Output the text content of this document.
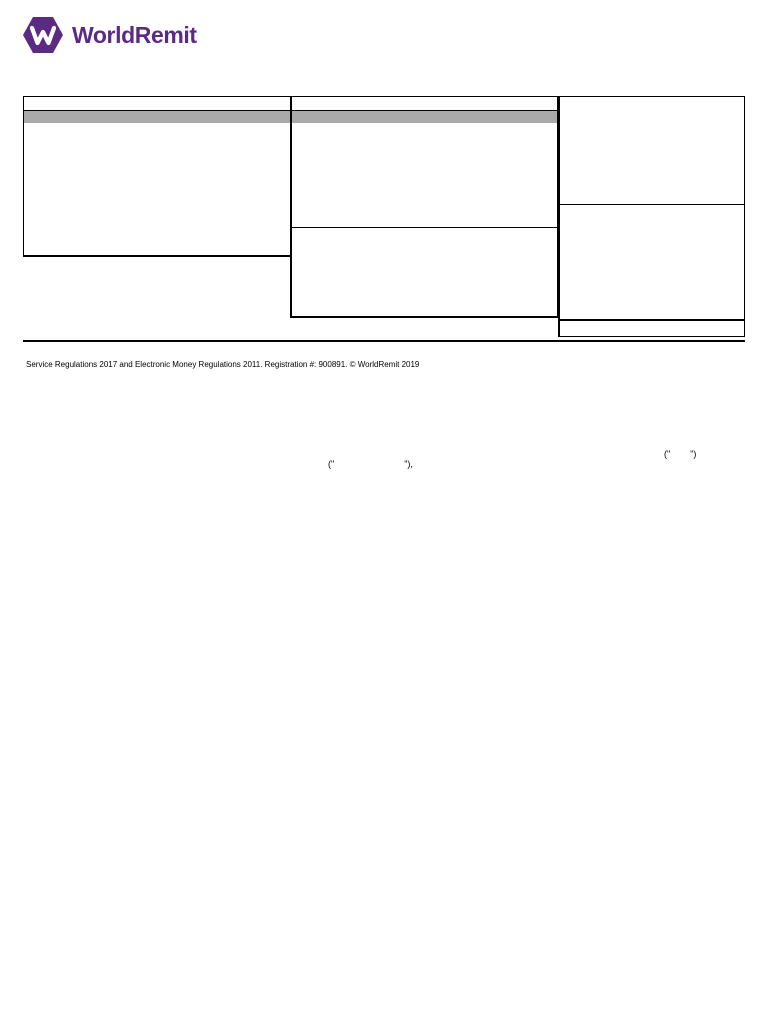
WorldRemit
Service Regulations 2017 and Electronic Money Regulations 2011. Registration #: 900891. © WorldRemit 2019
("        ")
("                            "),
